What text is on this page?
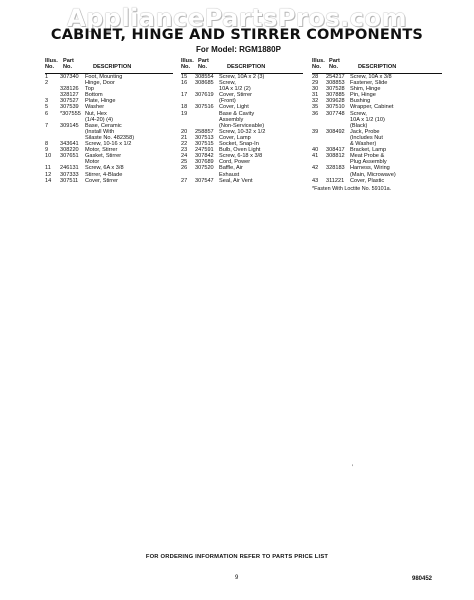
AppliancePartsPros.com
CABINET, HINGE AND STIRRER COMPONENTS
For Model: RGM1880P
Illus.
No.
Part
No.	DESCRIPTION
1 307340 Foot, Mounting
2	Hinge, Door
328126 Top
328127 Bottom
3 307527 Plate, Hinge
5 307539 Washer
6 *307555 Nut, Hex
(1/4-20) (4)
7 309145 Base, Ceramic
(Install With
Silaste No. 482358)
8 343641 Screw, 10-16 x 1/2
9 308220 Motor, Stirrer
10 307651 Gasket, Stirrer
Motor
11 246131 Screw, 6A x 3/8
12 307333 Stirrer, 4-Blade
14 307511 Cover, Stirrer
Illus.
No.
Part
No.	DESCRIPTION
15 308554 Screw, 10A x 2 (3)
16 308685 Screw,
10A x 1/2 (2)
17 307619 Cover, Stirrer
(Front)
18 307516 Cover, Light
19	Base & Cavity
Assembly
(Non-Serviceable)
20 258857 Screw, 10-32 x 1/2
21 307513 Cover, Lamp
22 307515 Socket, Snap-In
23 247591 Bulb, Oven Light
24 307842 Screw, 6-18 x 3/8
25 307689 Cord, Power
26 307520 Baffle, Air
Exhaust
27 307547 Seal, Air Vent
Illus.
No.
Part
No.	DESCRIPTION
28 254217 Screw, 10A x 3/8
29 308853 Fastener, Slide
30 307528 Shim, Hinge
31 307885 Pin, Hinge
32 309628 Bushing
35 307510 Wrapper, Cabinet
36 307748 Screw,
10A x 1/2 (10)
(Black)
39 308492 Jack, Probe
(Includes Nut
& Washer)
40 308417 Bracket, Lamp
41 308812 Meat Probe &
Plug Assembly
42 328183 Harness, Wiring
(Main, Microwave)
43 311221 Cover, Plastic
*Fasten With Loctite No. 59101a.
′
FOR ORDERING INFORMATION REFER TO PARTS PRICE LIST
9	980452
